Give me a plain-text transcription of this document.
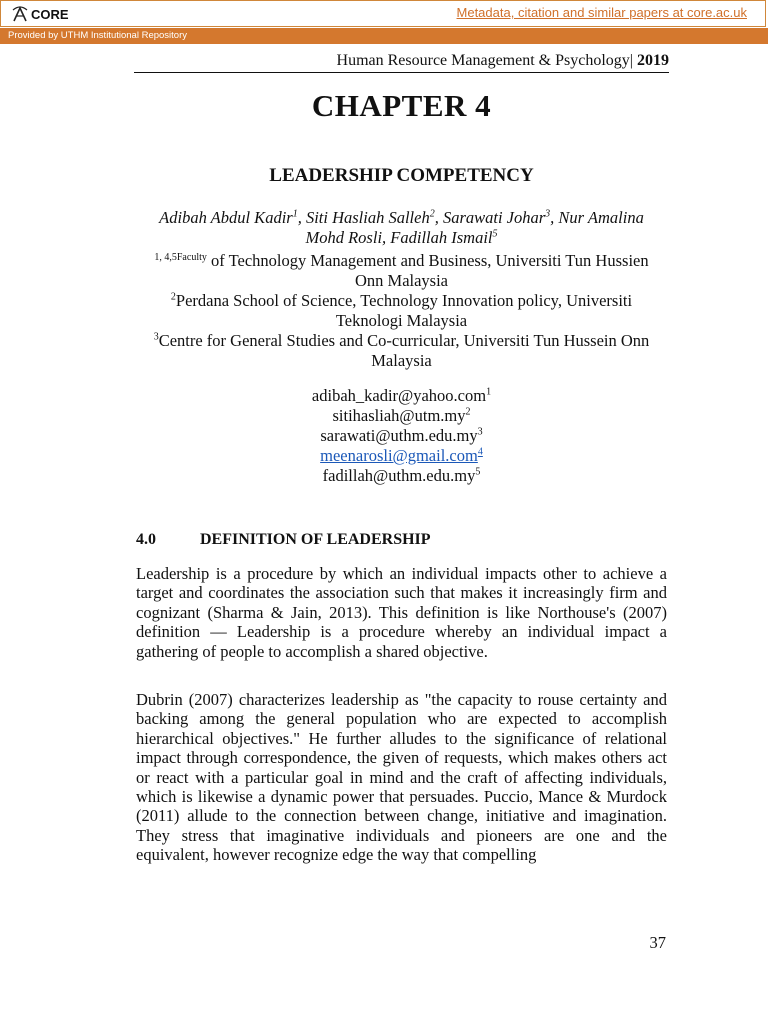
CORE	Metadata, citation and similar papers at core.ac.uk
Provided by UTHM Institutional Repository
Human Resource Management & Psychology| 2019
CHAPTER 4
LEADERSHIP COMPETENCY
Adibah Abdul Kadir$^1$, Siti Hasliah Salleh$^2$, Sarawati Johar$^3$, Nur Amalina Mohd Rosli, Fadillah Ismail$^5$
$^{1, 4,5Faculty}$ of Technology Management and Business, Universiti Tun Hussien Onn Malaysia
$^2$Perdana School of Science, Technology Innovation policy, Universiti Teknologi Malaysia
$^3$Centre for General Studies and Co-curricular, Universiti Tun Hussein Onn Malaysia
adibah_kadir@yahoo.com$^1$
$sitihasliah@utm.my^2$
$sarawati@uthm.edu.my^3$
meenarosli@gmail.com$^4$
$fadillah@uthm.edu.my^5$
4.0	DEFINITION OF LEADERSHIP
Leadership is a procedure by which an individual impacts other to achieve a target and coordinates the association such that makes it increasingly firm and cognizant (Sharma & Jain, 2013). This definition is like Northouse's (2007) definition — Leadership is a procedure whereby an individual impact a gathering of people to accomplish a shared objective.
Dubrin (2007) characterizes leadership as "the capacity to rouse certainty and backing among the general population who are expected to accomplish hierarchical objectives." He further alludes to the significance of relational impact through correspondence, the given of requests, which makes others act or react with a particular goal in mind and the craft of affecting individuals, which is likewise a dynamic power that persuades. Puccio, Mance & Murdock (2011) allude to the connection between change, initiative and imagination. They stress that imaginative individuals and pioneers are one and the equivalent, however recognize edge the way that compelling
37
